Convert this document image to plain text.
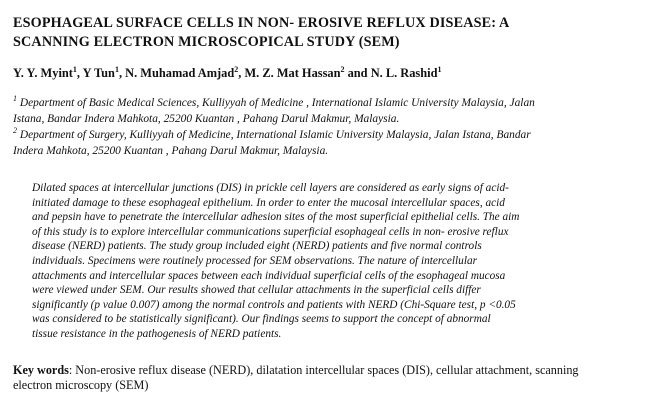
ESOPHAGEAL SURFACE CELLS IN NON- EROSIVE REFLUX DISEASE: A
SCANNING ELECTRON MICROSCOPICAL STUDY (SEM)
Y. Y. Myint$^1$, Y Tun$^1$, N. Muhamad Amjad$^2$, M. Z. Mat Hassan$^2$ and N. L. Rashid$^1$
$^1$ Department of Basic Medical Sciences, Kulliyyah of Medicine , International Islamic University Malaysia, Jalan
Istana, Bandar Indera Mahkota, 25200 Kuantan , Pahang Darul Makmur, Malaysia.
$^2$ Department of Surgery, Kulliyyah of Medicine, International Islamic University Malaysia, Jalan Istana, Bandar
Indera Mahkota, 25200 Kuantan , Pahang Darul Makmur, Malaysia.
Dilated spaces at intercellular junctions (DIS) in prickle cell layers are considered as early signs of acid-
initiated damage to these esophageal epithelium. In order to enter the mucosal intercellular spaces, acid
and pepsin have to penetrate the intercellular adhesion sites of the most superficial epithelial cells. The aim
of this study is to explore intercellular communications superficial esophageal cells in non- erosive reflux
disease (NERD) patients. The study group included eight (NERD) patients and five normal controls
individuals. Specimens were routinely processed for SEM observations. The nature of intercellular
attachments and intercellular spaces between each individual superficial cells of the esophageal mucosa
were viewed under SEM. Our results showed that cellular attachments in the superficial cells differ
significantly (p value 0.007) among the normal controls and patients with NERD (Chi-Square test, p <0.05
was considered to be statistically significant). Our findings seems to support the concept of abnormal
tissue resistance in the pathogenesis of NERD patients.
Key words: Non-erosive reflux disease (NERD), dilatation intercellular spaces (DIS), cellular attachment, scanning
electron microscopy (SEM)
